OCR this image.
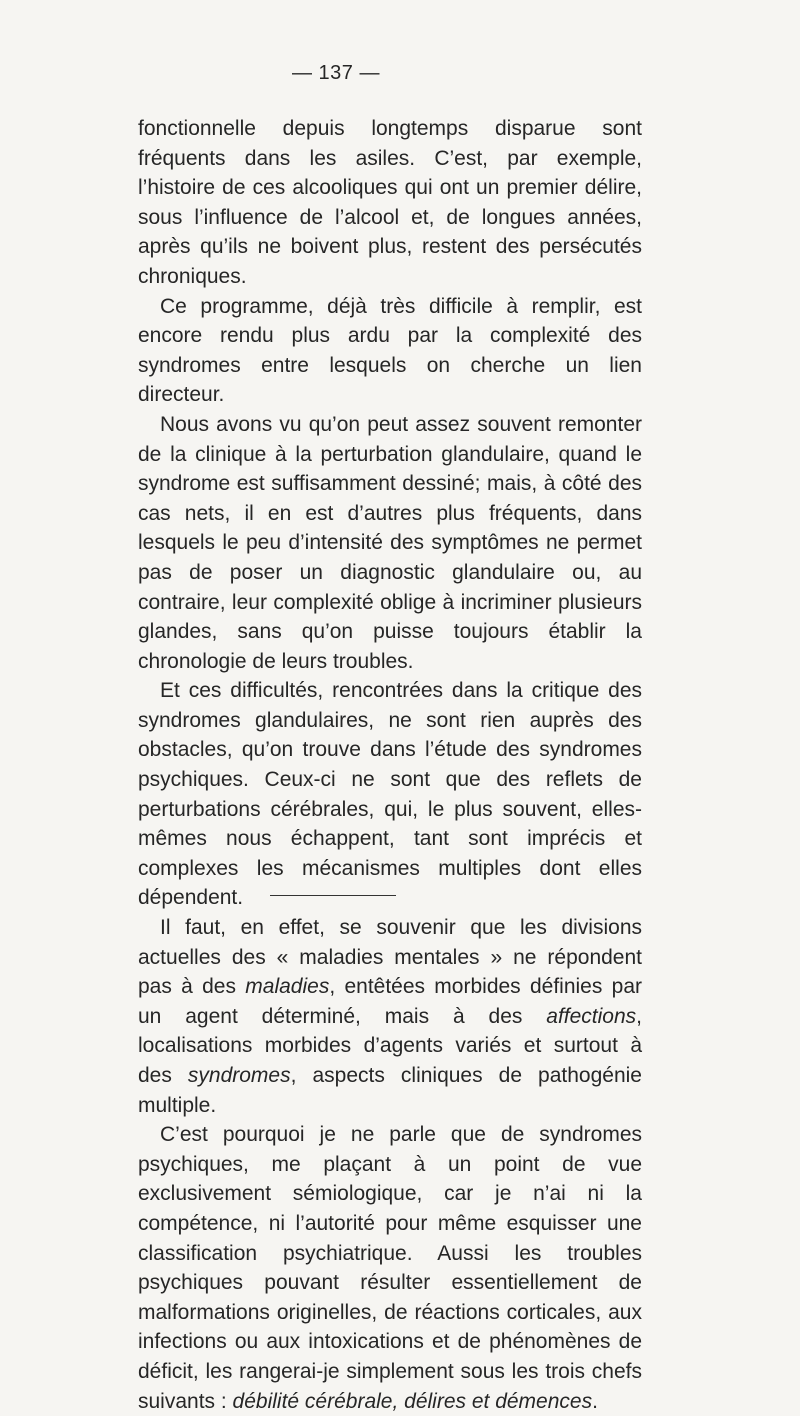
— 137 —

fonctionnelle depuis longtemps disparue sont fréquents dans les asiles. C’est, par exemple, l’histoire de ces alcooliques qui ont un premier délire, sous l’influence de l’alcool et, de longues années, après qu’ils ne boivent plus, restent des persécutés chroniques.

Ce programme, déjà très difficile à remplir, est encore rendu plus ardu par la complexité des syndromes entre lesquels on cherche un lien directeur.

Nous avons vu qu’on peut assez souvent remonter de la clinique à la perturbation glandulaire, quand le syndrome est suffisamment dessiné; mais, à côté des cas nets, il en est d’autres plus fréquents, dans lesquels le peu d’intensité des symptômes ne permet pas de poser un diagnostic glandulaire ou, au contraire, leur complexité oblige à incriminer plusieurs glandes, sans qu’on puisse toujours établir la chronologie de leurs troubles.

Et ces difficultés, rencontrées dans la critique des syndromes glandulaires, ne sont rien auprès des obstacles, qu’on trouve dans l’étude des syndromes psychiques. Ceux-ci ne sont que des reflets de perturbations cérébrales, qui, le plus souvent, elles-mêmes nous échappent, tant sont imprécis et complexes les mécanismes multiples dont elles dépendent.

Il faut, en effet, se souvenir que les divisions actuelles des « maladies mentales » ne répondent pas à des maladies, entêtées morbides définies par un agent déterminé, mais à des affections, localisations morbides d’agents variés et surtout à des syndromes, aspects cliniques de pathogénie multiple.

C’est pourquoi je ne parle que de syndromes psychiques, me plaçant à un point de vue exclusivement sémiologique, car je n’ai ni la compétence, ni l’autorité pour même esquisser une classification psychiatrique. Aussi les troubles psychiques pouvant résulter essentiellement de malformations originelles, de réactions corticales, aux infections ou aux intoxications et de phénomènes de déficit, les rangerai-je simplement sous les trois chefs suivants : débilité cérébrale, délires et démences.
